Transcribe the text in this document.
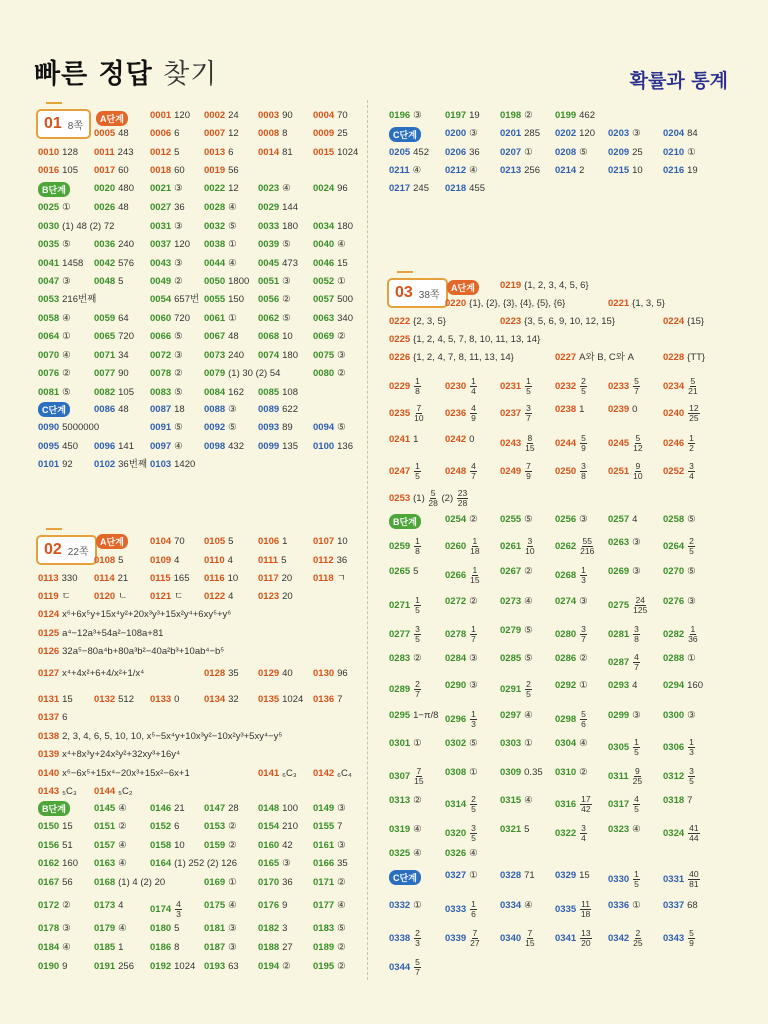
빠른 정답 찾기	확률과 통계
01 8쪽
02 22쪽
03 38쪽
A단계
B단계
C단계
A단계
B단계
C단계
A단계
B단계
C단계
0001 120 0002 24 0003 90 0004 70
0005 48 0006 6	0007 12 0008 8	0009 25
0010 128 0011 243 0012 5	0013 6	0014 81 0015 1024
0016 105 0017 60 0018 60 0019 56
0020 480 0021 ③ 0022 12 0023 ④ 0024 96
0025 ① 0026 48 0027 36 0028 ④ 0029 144
0030 (1) 48 (2) 72	0031 ③ 0032 ⑤ 0033 180 0034 180
0035 ⑤ 0036 240 0037 120 0038 ① 0039 ⑤ 0040 ④
0041 1458 0042 576 0043 ③ 0044 ④ 0045 473 0046 15
0047 ③ 0048 5	0049 ② 0050 1800 0051 ③ 0052 ①
0053 216번째	0054 657번 0055 150 0056 ② 0057 500
0058 ④ 0059 64 0060 720 0061 ① 0062 ⑤ 0063 340
0064 ① 0065 720 0066 ⑤ 0067 48 0068 10 0069 ②
0070 ④ 0071 34 0072 ③ 0073 240 0074 180 0075 ③
0076 ② 0077 90 0078 ② 0079 (1) 30 (2) 54	0080 ②
0081 ⑤ 0082 105 0083 ⑤ 0084 162 0085 108
0086 48 0087 18 0088 ③ 0089 622
0090 5000000	0091 ⑤ 0092 ⑤ 0093 89 0094 ⑤
0095 450 0096 141 0097 ④ 0098 432 0099 135 0100 136
0101 92 0102 36번째 0103 1420
0104 70 0105 5	0106 1	0107 10
0108 5	0109 4	0110 4	0111 5	0112 36
0113 330 0114 21 0115 165 0116 10 0117 20 0118 ㄱ
0119 ㄷ 0120 ㄴ 0121 ㄷ 0122 4	0123 20
0124 x⁶+6x⁵y+15x⁴y²+20x³y³+15x²y⁴+6xy⁵+y⁶
0125 a⁴−12a³+54a²−108a+81
0126 32a⁵−80a⁴b+80a³b²−40a²b³+10ab⁴−b⁵
0127 x⁴+4x²+6+4/x²+1/x⁴	0128 35 0129 40 0130 96
0131 15 0132 512 0133 0	0134 32 0135 1024 0136 7
0137 6
0138 2, 3, 4, 6, 5, 10, 10, x⁵−5x⁴y+10x³y²−10x²y³+5xy⁴−y⁵
0139 x⁴+8x³y+24x²y²+32xy³+16y⁴
0140 x⁶−6x⁵+15x⁴−20x³+15x²−6x+1	0141 ₆C₃ 0142 ₆C₄
0143 ₅C₃ 0144 ₅C₂
0145 ④ 0146 21 0147 28 0148 100 0149 ③
0150 15 0151 ② 0152 6	0153 ② 0154 210 0155 7
0156 51 0157 ④ 0158 10 0159 ② 0160 42 0161 ③
0162 160 0163 ④ 0164 (1) 252 (2) 126 0165 ③ 0166 35
0167 56 0168 (1) 4 (2) 20	0169 ① 0170 36 0171 ②
0172 ② 0173 4	$0174 \frac{4}{3} 0175$ ④ 0176 9	0177 ④
0178 ③ 0179 ④ 0180 5	0181 ③ 0182 3	0183 ⑤
0184 ④ 0185 1	0186 8	0187 ③ 0188 27 0189 ②
0190 9	0191 256 0192 1024 0193 63 0194 ② 0195 ②
0196 ③ 0197 19 0198 ② 0199 462
0200 ③ 0201 285 0202 120 0203 ③ 0204 84
0205 452 0206 36 0207 ① 0208 ⑤ 0209 25 0210 ①
0211 ④	0212 ④ 0213 256 0214 2 0215 10 0216 19
0217 245 0218 455
0219 {1, 2, 3, 4, 5, 6}
0220 {1}, {2}, {3}, {4}, {5}, {6}	0221 {1, 3, 5}
0222 {2, 3, 5}	0223 {3, 5, 6, 9, 10, 12, 15}	0224 {15}
0225 {1, 2, 4, 5, 7, 8, 10, 11, 13, 14}
0226 {1, 2, 4, 7, 8, 11, 13, 14}	0227 A와 B, C와 A	0228 {TT}
$0229 \frac{1}{8}$	$0230 \frac{1}{4} 0231 \frac{1}{5} 0232 \frac{2}{5} 0233 \frac{5}{7} 0234 \frac{5}{21}$
$0235 \frac{7}{10} 0236 \frac{4}{9} 0237 \frac{3}{7} 0238$ 1 0239 0	$0240 \frac{12}{25}$
0241 1	0242 0	$0243 \frac{8}{15} 0244 \frac{5}{9} 0245 \frac{5}{12} 0246 \frac{1}{2}$
$0247 \frac{1}{5}$	$0248 \frac{4}{7} 0249 \frac{7}{9} 0250 \frac{3}{8} 0251 \frac{9}{10} 0252 \frac{3}{4}$
0253 $(1) \frac{5}{28} (2) \frac{23}{28}$
0254 ② 0255 ⑤ 0256 ③ 0257 4	0258 ⑤
$0259 \frac{1}{8}$	$0260 \frac{1}{18} 0261 \frac{3}{10} 0262 \frac{55}{216} 0263$ ③ $0264 \frac{2}{5}$
0265 5	$0266 \frac{1}{15} 0267$ ② $0268 \frac{1}{3} 0269$ ③ 0270 ⑤
$0271 \frac{1}{5}$	0272 ② 0273 ④ 0274 ③ $0275 \frac{24}{125} 0276$ ③
$0277 \frac{3}{5}$	$0278 \frac{1}{7} 0279$ ⑤ $0280 \frac{3}{7} 0281 \frac{3}{8} 0282 \frac{1}{36}$
0283 ② 0284 ③ 0285 ⑤ 0286 ② $0287 \frac{4}{7} 0288$ ①
$0289 \frac{2}{7}$	0290 ③ $0291 \frac{2}{5} 0292$ ① 0293 4	0294 160
0295 1−π/8 $0296 \frac{1}{3} 0297$ ④ $0298 \frac{5}{6} 0299$ ③ 0300 ③
0301 ① 0302 ⑤ 0303 ① 0304 ④ $0305 \frac{1}{5} 0306 \frac{1}{3}$
$0307 \frac{7}{15} 0308$ ① 0309 0.35 0310 ② $0311 \frac{9}{25} 0312 \frac{3}{5}$
0313 ② $0314 \frac{2}{5} 0315$ ④ $0316 \frac{17}{42} 0317 \frac{4}{5} 0318$ 7
0319 ④ $0320 \frac{3}{5} 0321$ 5	$0322 \frac{3}{4} 0323$ ④ $0324 \frac{41}{44}$
0325 ④ 0326 ④
0327 ① 0328 71 0329 15 $0330 \frac{1}{5} 0331 \frac{40}{81}$
0332 ① $0333 \frac{1}{6} 0334$ ④ $0335 \frac{11}{18} 0336$ ① 0337 68
$0338 \frac{2}{3}$	$0339 \frac{7}{27} 0340 \frac{7}{15} 0341 \frac{13}{20} 0342 \frac{2}{25} 0343 \frac{5}{9}$
$0344 \frac{5}{7}$
